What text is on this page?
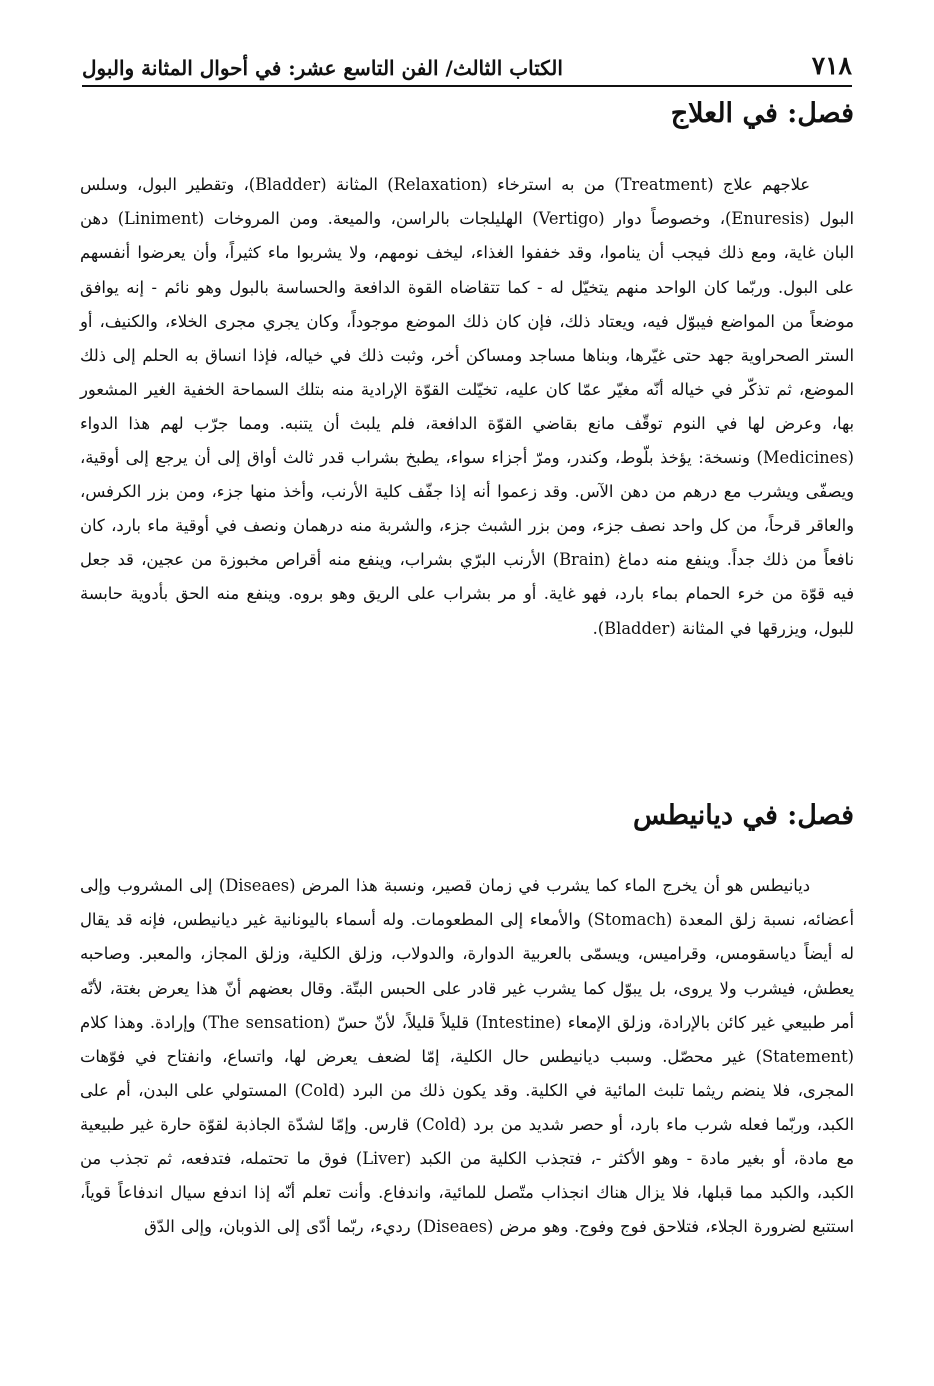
٧١٨
الكتاب الثالث/ الفن التاسع عشر: في أحوال المثانة والبول
فصل: في العلاج

علاجهم علاج (Treatment) من به استرخاء (Relaxation) المثانة (Bladder)، وتقطير البول، وسلس البول (Enuresis)، وخصوصاً دوار (Vertigo) الهليلجات بالراسن، والميعة. ومن المروخات (Liniment) دهن البان غاية، ومع ذلك فيجب أن يناموا، وقد خففوا الغذاء، ليخف نومهم، ولا يشربوا ماء كثيراً، وأن يعرضوا أنفسهم على البول. وربّما كان الواحد منهم يتخيّل له - كما تتقاضاه القوة الدافعة والحساسة بالبول وهو نائم - إنه يوافق موضعاً من المواضع فيبوّل فيه، ويعتاد ذلك، فإن كان ذلك الموضع موجوداً، وكان يجري مجرى الخلاء، والكنيف، أو الستر الصحراوية جهد حتى غيّرها، وبناها مساجد ومساكن أخر، وثبت ذلك في خياله، فإذا انساق به الحلم إلى ذلك الموضع، ثم تذكّر في خياله أنّه مغيّر عمّا كان عليه، تخيّلت القوّة الإرادية منه بتلك السماحة الخفية الغير المشعور بها، وعرض لها في النوم توقّف مانع بقاضي القوّة الدافعة، فلم يلبث أن يتنبه. ومما جرّب لهم هذا الدواء (Medicines) ونسخة: يؤخذ بلّوط، وكندر، ومرّ أجزاء سواء، يطبخ بشراب قدر ثالث أواق إلى أن يرجع إلى أوقية، ويصفّى ويشرب مع درهم من دهن الآس. وقد زعموا أنه إذا جفّف كلية الأرنب، وأخذ منها جزء، ومن بزر الكرفس، والعاقر قرحاً، من كل واحد نصف جزء، ومن بزر الشبث جزء، والشربة منه درهمان ونصف في أوقية ماء بارد، كان نافعاً من ذلك جداً. وينفع منه دماغ (Brain) الأرنب البرّي بشراب، وينفع منه أقراص مخبوزة من عجين، قد جعل فيه قوّة من خرء الحمام بماء بارد، فهو غاية. أو مر بشراب على الريق وهو بروه. وينفع منه الحق بأدوية حابسة للبول، ويزرقها في المثانة (Bladder).

فصل: في ديانيطس

ديانيطس هو أن يخرج الماء كما يشرب في زمان قصير، ونسبة هذا المرض (Diseaes) إلى المشروب وإلى أعضائه، نسبة زلق المعدة (Stomach) والأمعاء إلى المطعومات. وله أسماء باليونانية غير ديانيطس، فإنه قد يقال له أيضاً دياسقومس، وقراميس، ويسمّى بالعربية الدوارة، والدولاب، وزلق الكلية، وزلق المجاز، والمعبر. وصاحبه يعطش، فيشرب ولا يروى، بل يبوّل كما يشرب غير قادر على الحبس البتّة. وقال بعضهم أنّ هذا يعرض بغتة، لأنّه أمر طبيعي غير كائن بالإرادة، وزلق الإمعاء (Intestine) قليلاً قليلاً، لأنّ حسّ (The sensation) وإرادة. وهذا كلام (Statement) غير محصّل. وسبب ديانيطس حال الكلية، إمّا لضعف يعرض لها، واتساع، وانفتاح في فوّهات المجرى، فلا ينضم ريثما تلبث المائية في الكلية. وقد يكون ذلك من البرد (Cold) المستولي على البدن، أم على الكبد، وربّما فعله شرب ماء بارد، أو حصر شديد من برد (Cold) قارس. وإمّا لشدّة الجاذبة لقوّة حارة غير طبيعية مع مادة، أو بغير مادة - وهو الأكثر -، فتجذب الكلية من الكبد (Liver) فوق ما تحتمله، فتدفعه، ثم تجذب من الكبد، والكبد مما قبلها، فلا يزال هناك انجذاب متّصل للمائية، واندفاع. وأنت تعلم أنّه إذا اندفع سيال اندفاعاً قوياً، استتبع لضرورة الجلاء، فتلاحق فوج وفوج. وهو مرض (Diseaes) رديء، ربّما أدّى إلى الذوبان، وإلى الدّق
